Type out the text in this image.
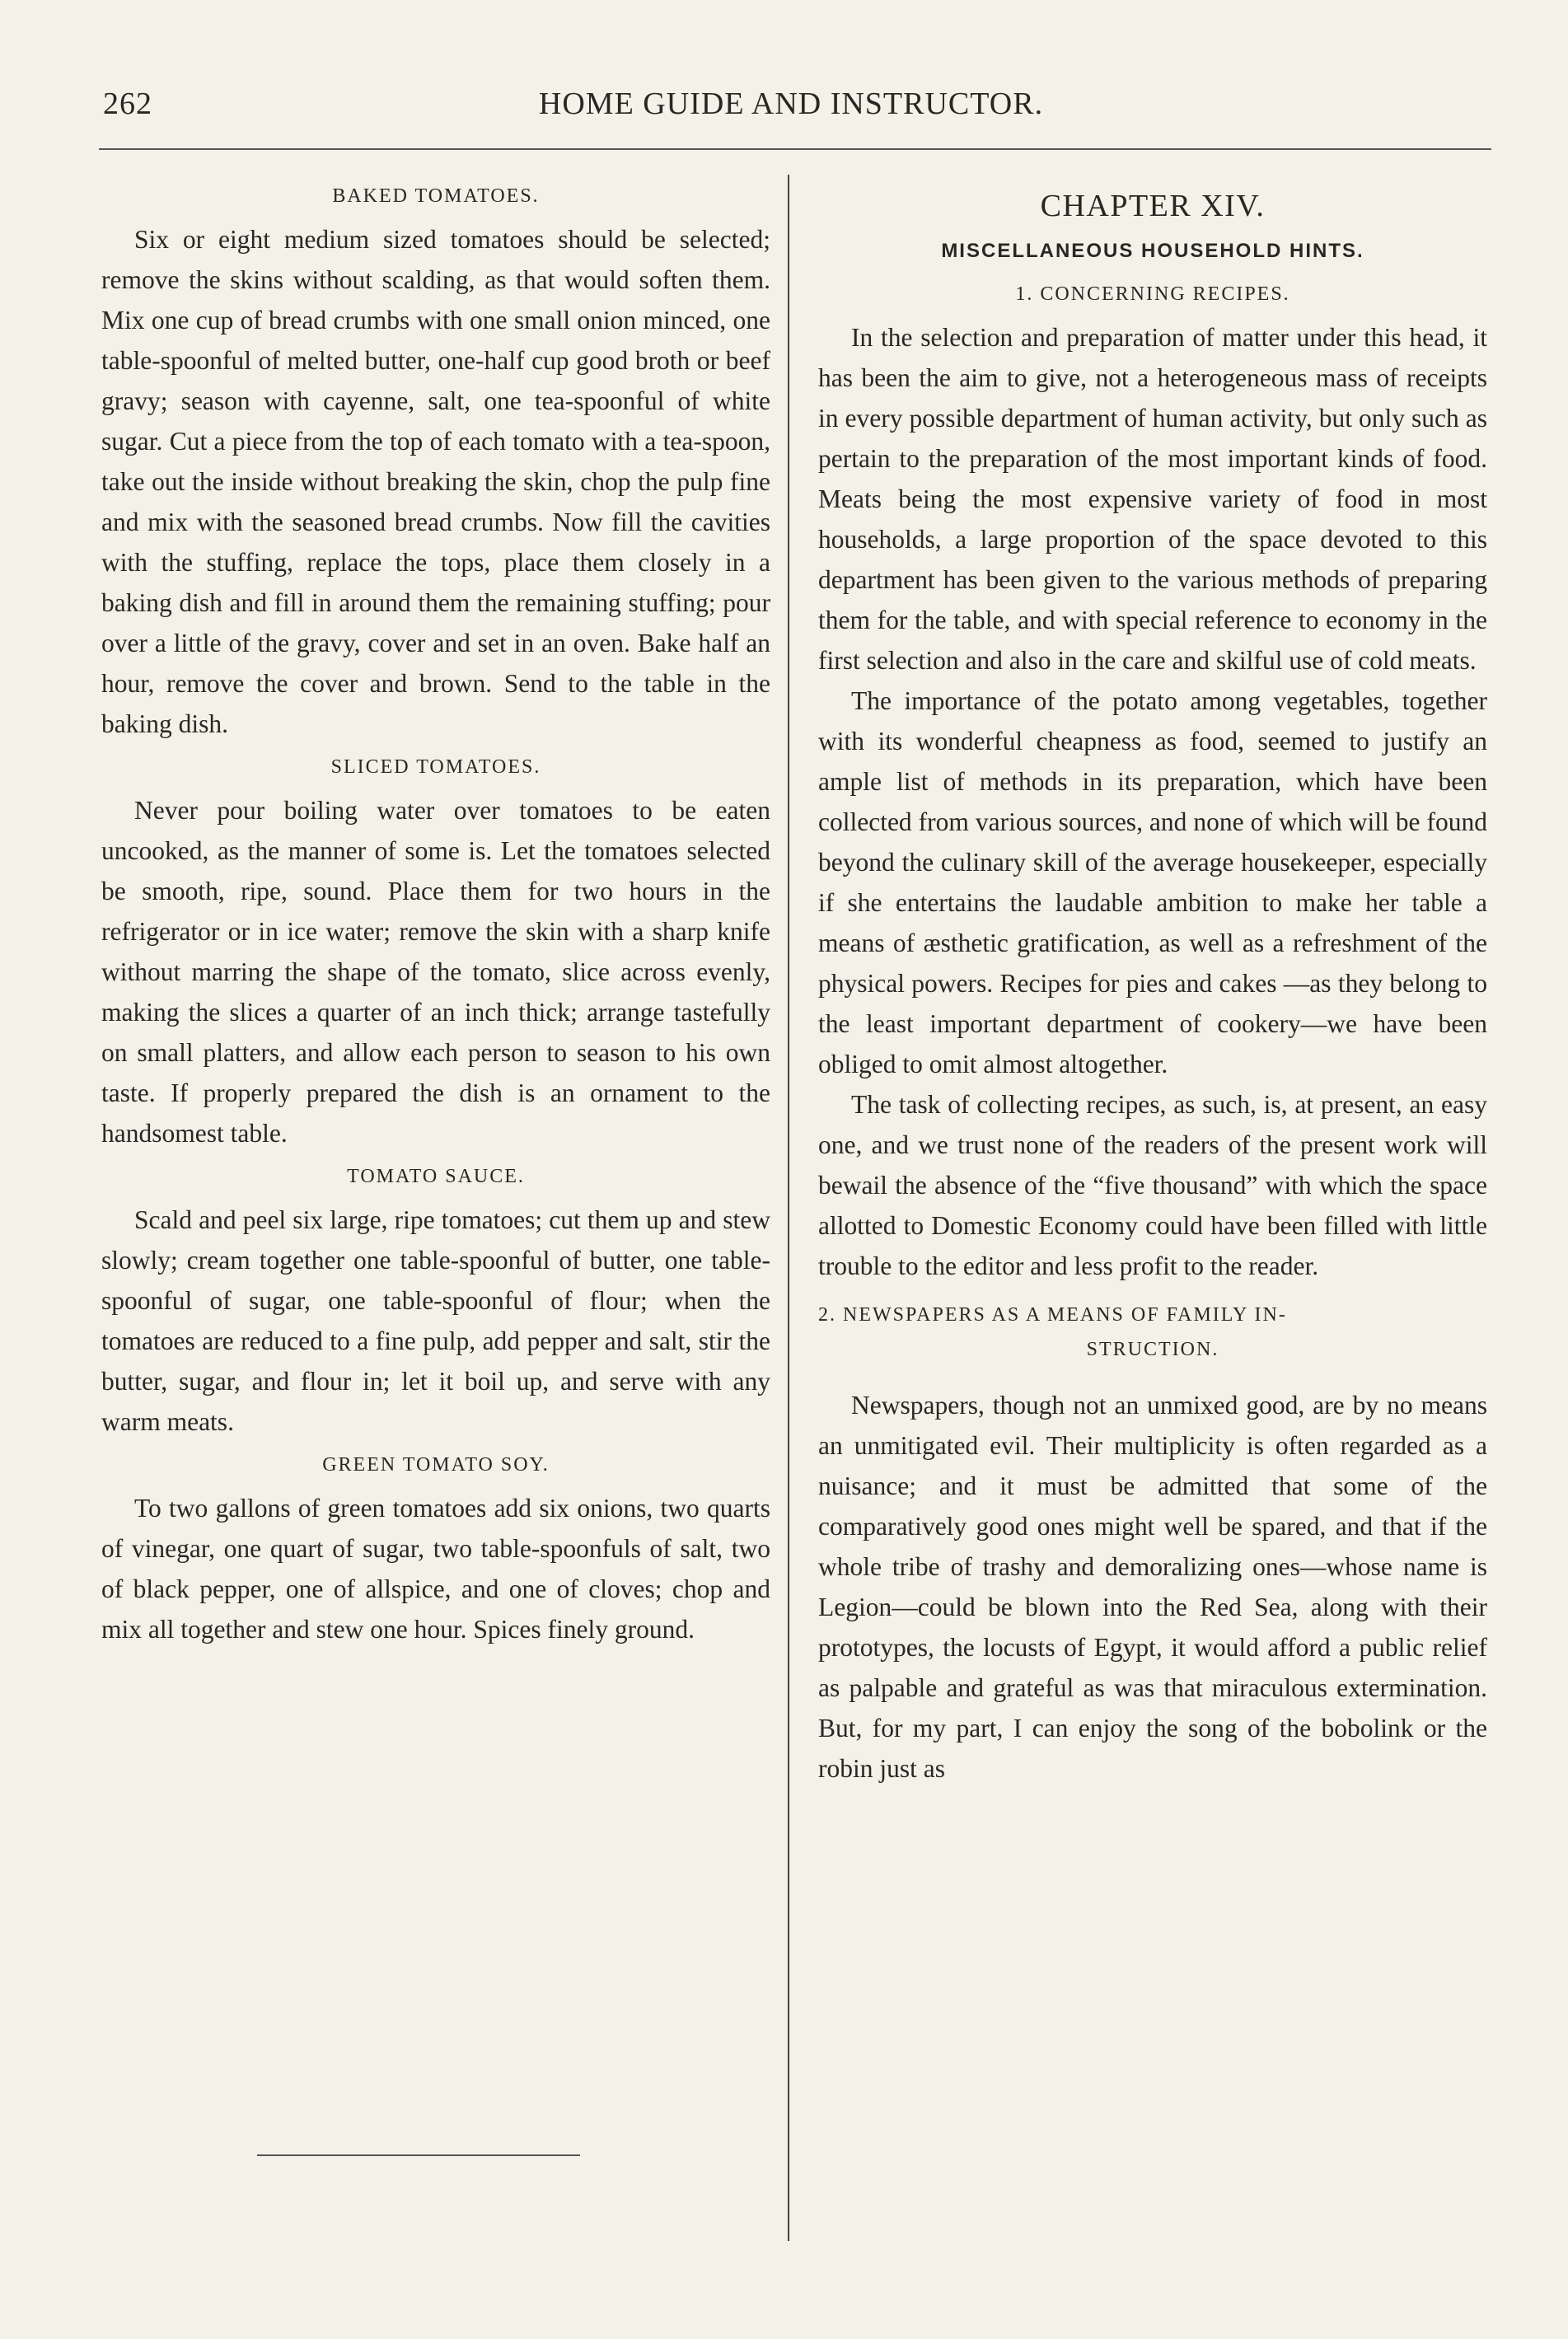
262	HOME GUIDE AND INSTRUCTOR.
BAKED TOMATOES.

Six or eight medium sized tomatoes should be selected; remove the skins without scalding, as that would soften them. Mix one cup of bread crumbs with one small onion minced, one table-spoonful of melted butter, one-half cup good broth or beef gravy; season with cayenne, salt, one tea-spoonful of white sugar. Cut a piece from the top of each tomato with a tea-spoon, take out the inside without breaking the skin, chop the pulp fine and mix with the seasoned bread crumbs. Now fill the cavities with the stuffing, replace the tops, place them closely in a baking dish and fill in around them the remaining stuffing; pour over a little of the gravy, cover and set in an oven. Bake half an hour, remove the cover and brown. Send to the table in the baking dish.

SLICED TOMATOES.

Never pour boiling water over tomatoes to be eaten uncooked, as the manner of some is. Let the tomatoes selected be smooth, ripe, sound. Place them for two hours in the refrigerator or in ice water; remove the skin with a sharp knife without marring the shape of the tomato, slice across evenly, making the slices a quarter of an inch thick; arrange tastefully on small platters, and allow each person to season to his own taste. If properly prepared the dish is an ornament to the handsomest table.

TOMATO SAUCE.

Scald and peel six large, ripe tomatoes; cut them up and stew slowly; cream together one table-spoonful of butter, one table-spoonful of sugar, one table-spoonful of flour; when the tomatoes are reduced to a fine pulp, add pepper and salt, stir the butter, sugar, and flour in; let it boil up, and serve with any warm meats.

GREEN TOMATO SOY.

To two gallons of green tomatoes add six onions, two quarts of vinegar, one quart of sugar, two table-spoonfuls of salt, two of black pepper, one of allspice, and one of cloves; chop and mix all together and stew one hour. Spices finely ground.

CHAPTER XIV.
MISCELLANEOUS HOUSEHOLD HINTS.
1. CONCERNING RECIPES.

In the selection and preparation of matter under this head, it has been the aim to give, not a heterogeneous mass of receipts in every possible department of human activity, but only such as pertain to the preparation of the most important kinds of food. Meats being the most expensive variety of food in most households, a large proportion of the space devoted to this department has been given to the various methods of preparing them for the table, and with special reference to economy in the first selection and also in the care and skilful use of cold meats.

The importance of the potato among vegetables, together with its wonderful cheapness as food, seemed to justify an ample list of methods in its preparation, which have been collected from various sources, and none of which will be found beyond the culinary skill of the average housekeeper, especially if she entertains the laudable ambition to make her table a means of æsthetic gratification, as well as a refreshment of the physical powers. Recipes for pies and cakes —as they belong to the least important department of cookery—we have been obliged to omit almost altogether.

The task of collecting recipes, as such, is, at present, an easy one, and we trust none of the readers of the present work will bewail the absence of the “five thousand” with which the space allotted to Domestic Economy could have been filled with little trouble to the editor and less profit to the reader.

2. NEWSPAPERS AS A MEANS OF FAMILY IN-
STRUCTION.

Newspapers, though not an unmixed good, are by no means an unmitigated evil. Their multiplicity is often regarded as a nuisance; and it must be admitted that some of the comparatively good ones might well be spared, and that if the whole tribe of trashy and demoralizing ones—whose name is Legion—could be blown into the Red Sea, along with their prototypes, the locusts of Egypt, it would afford a public relief as palpable and grateful as was that miraculous extermination. But, for my part, I can enjoy the song of the bobolink or the robin just as
